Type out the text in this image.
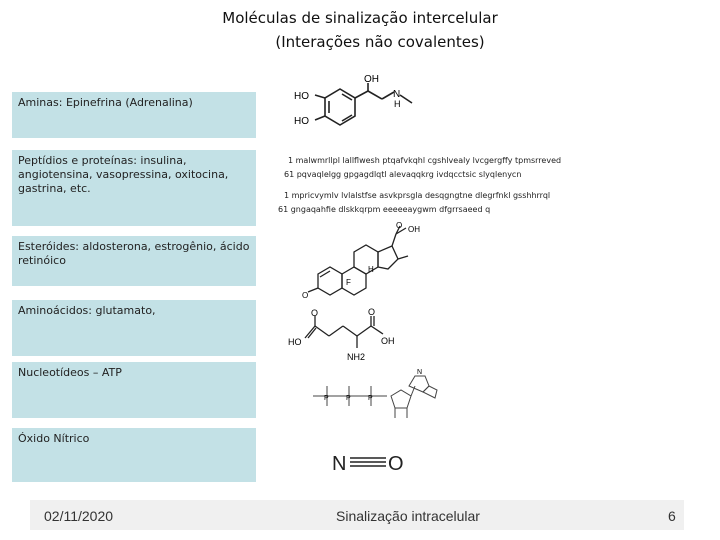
Moléculas de sinalização intercelular
(Interações não covalentes)
Aminas: Epinefrina (Adrenalina)
Peptídios e proteínas: insulina, angiotensina, vasopressina, oxitocina, gastrina, etc.
Esteróides: aldosterona, estrogênio, ácido retinóico
Aminoácidos: glutamato,
Nucleotídeos – ATP
Óxido Nítrico
HO
HO
OH
N
H
1 malwmrllpl lallflwesh ptqafvkqhl cgshlvealy lvcgergffy tpmsrreved
61 pqvaqlelgg gpgagdlqtl alevaqqkrg ivdqcctsic slyqlenycn
1 mpricvymlv lvlalstfse asvkprsgla desqgngtne dlegrfnkl gsshhrrql
61 gngaqahfie dlskkqrpm eeeeeaygwm dfgrrsaeed q
OH
O
O
F
H
O	O
HO	OH
NH2
P P P
N
N O
02/11/2020	Sinalização intracelular	6
